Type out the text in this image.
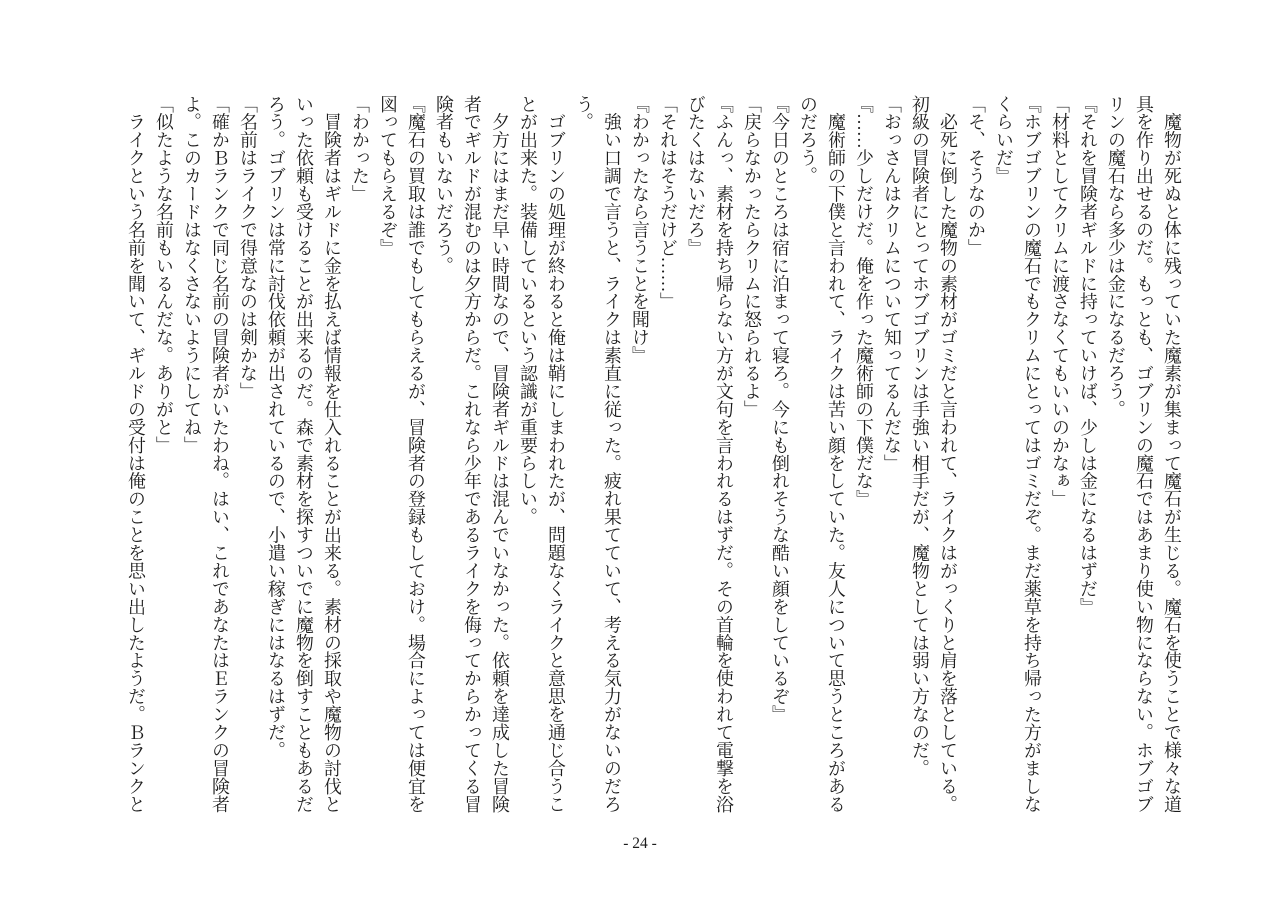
　魔物が死ぬと体に残っていた魔素が集まって魔石が生じる。魔石を使うことで様々な道

具を作り出せるのだ。もっとも、ゴブリンの魔石ではあまり使い物にならない。ホブゴブ

リンの魔石なら多少は金になるだろう。

『それを冒険者ギルドに持っていけば、少しは金になるはずだ』

「材料としてクリムに渡さなくてもいいのかなぁ」

『ホブゴブリンの魔石でもクリムにとってはゴミだぞ。まだ薬草を持ち帰った方がましな

くらいだ』

「そ、そうなのか」

　必死に倒した魔物の素材がゴミだと言われて、ライクはがっくりと肩を落としている。

初級の冒険者にとってホブゴブリンは手強い相手だが、魔物としては弱い方なのだ。

「おっさんはクリムについて知ってるんだな」

『……少しだけだ。俺を作った魔術師の下僕だな』

　魔術師の下僕と言われて、ライクは苦い顔をしていた。友人について思うところがある

のだろう。

『今日のところは宿に泊まって寝ろ。今にも倒れそうな酷い顔をしているぞ』

「戻らなかったらクリムに怒られるよ」

『ふんっ、素材を持ち帰らない方が文句を言われるはずだ。その首輪を使われて電撃を浴

びたくはないだろ』

「それはそうだけど……」

『わかったなら言うことを聞け』

　強い口調で言うと、ライクは素直に従った。疲れ果てていて、考える気力がないのだろ

う。

　ゴブリンの処理が終わると俺は鞘にしまわれたが、問題なくライクと意思を通じ合うこ

とが出来た。装備しているという認識が重要らしい。

　夕方にはまだ早い時間なので、冒険者ギルドは混んでいなかった。依頼を達成した冒険

者でギルドが混むのは夕方からだ。これなら少年であるライクを侮ってからかってくる冒

険者もいないだろう。

『魔石の買取は誰でもしてもらえるが、冒険者の登録もしておけ。場合によっては便宜を

図ってもらえるぞ』

「わかった」

　冒険者はギルドに金を払えば情報を仕入れることが出来る。素材の採取や魔物の討伐と

いった依頼も受けることが出来るのだ。森で素材を探すついでに魔物を倒すこともあるだ

ろう。ゴブリンは常に討伐依頼が出されているので、小遣い稼ぎにはなるはずだ。

「名前はライクで得意なのは剣かな」

「確かＢランクで同じ名前の冒険者がいたわね。はい、これであなたはＥランクの冒険者

よ。このカードはなくさないようにしてね」

「似たような名前もいるんだな。ありがと」

　ライクという名前を聞いて、ギルドの受付は俺のことを思い出したようだ。Ｂランクと

- 24 -
